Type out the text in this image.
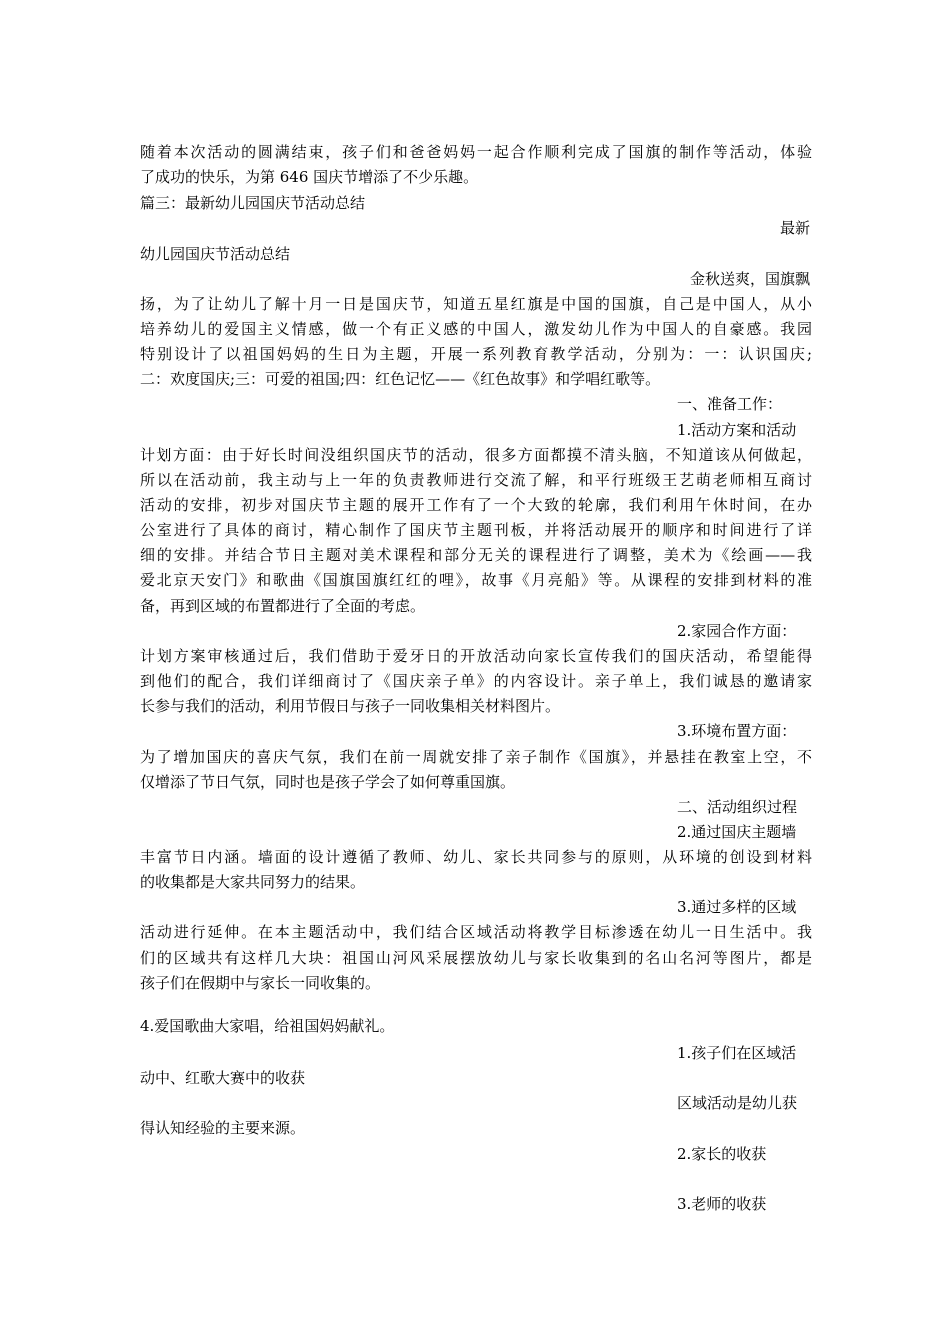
随着本次活动的圆满结束，孩子们和爸爸妈妈一起合作顺利完成了国旗的制作等活动，体验
了成功的快乐，为第 646 国庆节增添了不少乐趣。
篇三：最新幼儿园国庆节活动总结
最新
幼儿园国庆节活动总结
金秋送爽，国旗飘
扬，为了让幼儿了解十月一日是国庆节，知道五星红旗是中国的国旗，自己是中国人，从小
培养幼儿的爱国主义情感，做一个有正义感的中国人，激发幼儿作为中国人的自豪感。我园
特别设计了以祖国妈妈的生日为主题，开展一系列教育教学活动，分别为：一：认识国庆;
二：欢度国庆;三：可爱的祖国;四：红色记忆——《红色故事》和学唱红歌等。
一、准备工作：
1.活动方案和活动
计划方面：由于好长时间没组织国庆节的活动，很多方面都摸不清头脑，不知道该从何做起，
所以在活动前，我主动与上一年的负责教师进行交流了解，和平行班级王艺萌老师相互商讨
活动的安排，初步对国庆节主题的展开工作有了一个大致的轮廓，我们利用午休时间，在办
公室进行了具体的商讨，精心制作了国庆节主题刊板，并将活动展开的顺序和时间进行了详
细的安排。并结合节日主题对美术课程和部分无关的课程进行了调整，美术为《绘画——我
爱北京天安门》和歌曲《国旗国旗红红的哩》，故事《月亮船》等。从课程的安排到材料的准
备，再到区域的布置都进行了全面的考虑。
2.家园合作方面：
计划方案审核通过后，我们借助于爱牙日的开放活动向家长宣传我们的国庆活动，希望能得
到他们的配合，我们详细商讨了《国庆亲子单》的内容设计。亲子单上，我们诚恳的邀请家
长参与我们的活动，利用节假日与孩子一同收集相关材料图片。
3.环境布置方面：
为了增加国庆的喜庆气氛，我们在前一周就安排了亲子制作《国旗》，并悬挂在教室上空，不
仅增添了节日气氛，同时也是孩子学会了如何尊重国旗。
二、活动组织过程
2.通过国庆主题墙
丰富节日内涵。墙面的设计遵循了教师、幼儿、家长共同参与的原则，从环境的创设到材料
的收集都是大家共同努力的结果。
3.通过多样的区域
活动进行延伸。在本主题活动中，我们结合区域活动将教学目标渗透在幼儿一日生活中。我
们的区域共有这样几大块：祖国山河风采展摆放幼儿与家长收集到的名山名河等图片，都是
孩子们在假期中与家长一同收集的。
4.爱国歌曲大家唱，给祖国妈妈献礼。
1.孩子们在区域活
动中、红歌大赛中的收获
区域活动是幼儿获
得认知经验的主要来源。
2.家长的收获
3.老师的收获
